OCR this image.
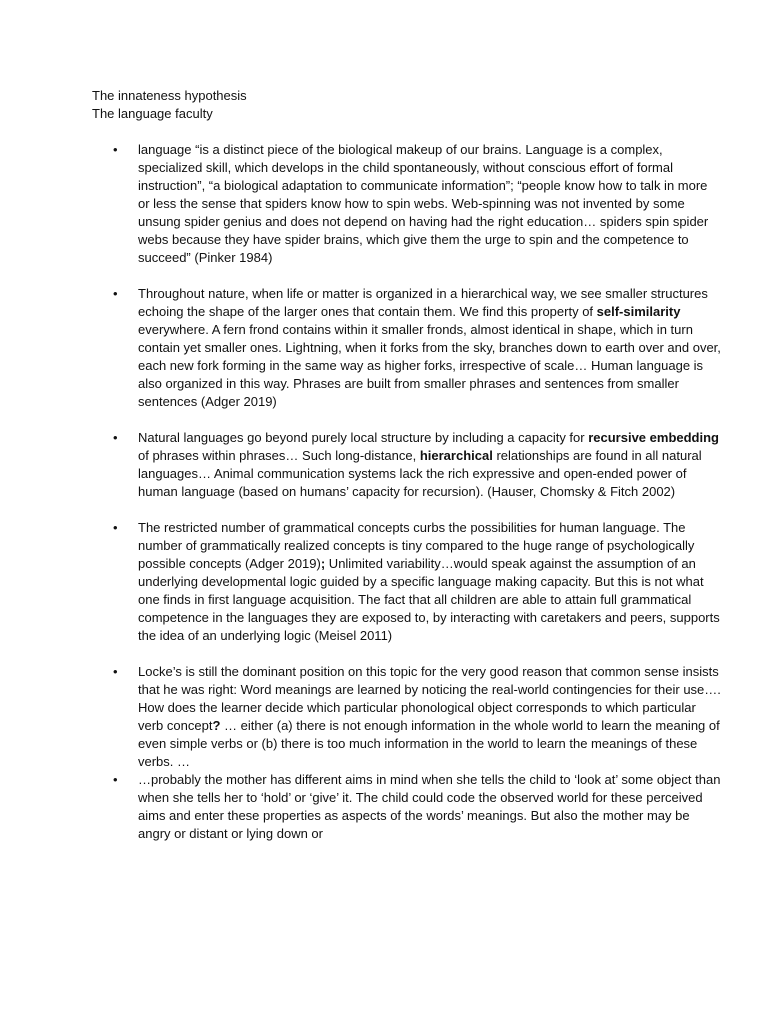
The innateness hypothesis

The language faculty

• language “is a distinct piece of the biological makeup of our brains. Language is a complex, specialized skill, which develops in the child spontaneously, without conscious effort of formal instruction”, “a biological adaptation to communicate information”; “people know how to talk in more or less the sense that spiders know how to spin webs. Web-spinning was not invented by some unsung spider genius and does not depend on having had the right education… spiders spin spider webs because they have spider brains, which give them the urge to spin and the competence to succeed” (Pinker 1984)
• Throughout nature, when life or matter is organized in a hierarchical way, we see smaller structures echoing the shape of the larger ones that contain them. We find this property of self-similarity everywhere. A fern frond contains within it smaller fronds, almost identical in shape, which in turn contain yet smaller ones. Lightning, when it forks from the sky, branches down to earth over and over, each new fork forming in the same way as higher forks, irrespective of scale… Human language is also organized in this way. Phrases are built from smaller phrases and sentences from smaller sentences (Adger 2019)
• Natural languages go beyond purely local structure by including a capacity for recursive embedding of phrases within phrases… Such long-distance, hierarchical relationships are found in all natural languages… Animal communication systems lack the rich expressive and open-ended power of human language (based on humans’ capacity for recursion). (Hauser, Chomsky & Fitch 2002)
• The restricted number of grammatical concepts curbs the possibilities for human language. The number of grammatically realized concepts is tiny compared to the huge range of psychologically possible concepts (Adger 2019); Unlimited variability…would speak against the assumption of an underlying developmental logic guided by a specific language making capacity. But this is not what one finds in first language acquisition. The fact that all children are able to attain full grammatical competence in the languages they are exposed to, by interacting with caretakers and peers, supports the idea of an underlying logic (Meisel 2011)
• Locke’s is still the dominant position on this topic for the very good reason that common sense insists that he was right: Word meanings are learned by noticing the real-world contingencies for their use…. How does the learner decide which particular phonological object corresponds to which particular verb concept? … either (a) there is not enough information in the whole world to learn the meaning of even simple verbs or (b) there is too much information in the world to learn the meanings of these verbs. …
• …probably the mother has different aims in mind when she tells the child to ‘look at’ some object than when she tells her to ‘hold’ or ‘give’ it. The child could code the observed world for these perceived aims and enter these properties as aspects of the words’ meanings. But also the mother may be angry or distant or lying down or
